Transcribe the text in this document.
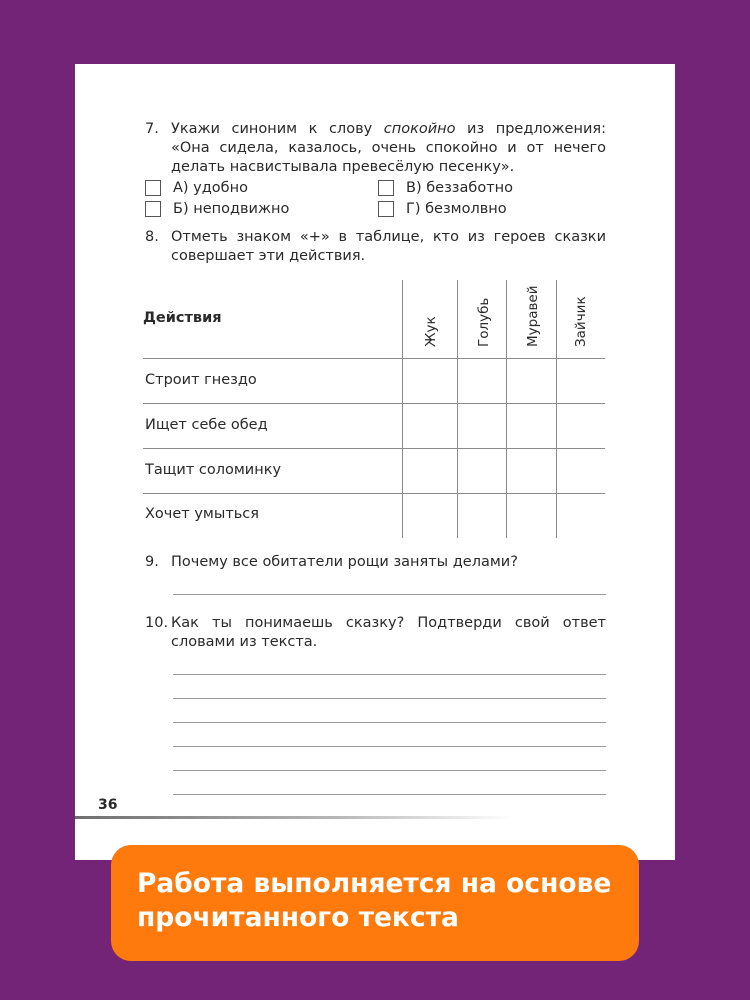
7. Укажи синоним к слову спокойно из предложения: «Она сидела, казалось, очень спокойно и от нечего делать насвистывала превесёлую песенку».
А) удобно
Б) неподвижно
В) беззаботно
Г) безмолвно
8. Отметь знаком «+» в таблице, кто из героев сказки совершает эти действия.
Действия	Жук	Голубь Муравей Зайчик
Строит гнездо
Ищет себе обед
Тащит соломинку
Хочет умыться
9. Почему все обитатели рощи заняты делами?
10. Как ты понимаешь сказку? Подтверди свой ответ словами из текста.
36
Работа выполняется на основе
прочитанного текста
